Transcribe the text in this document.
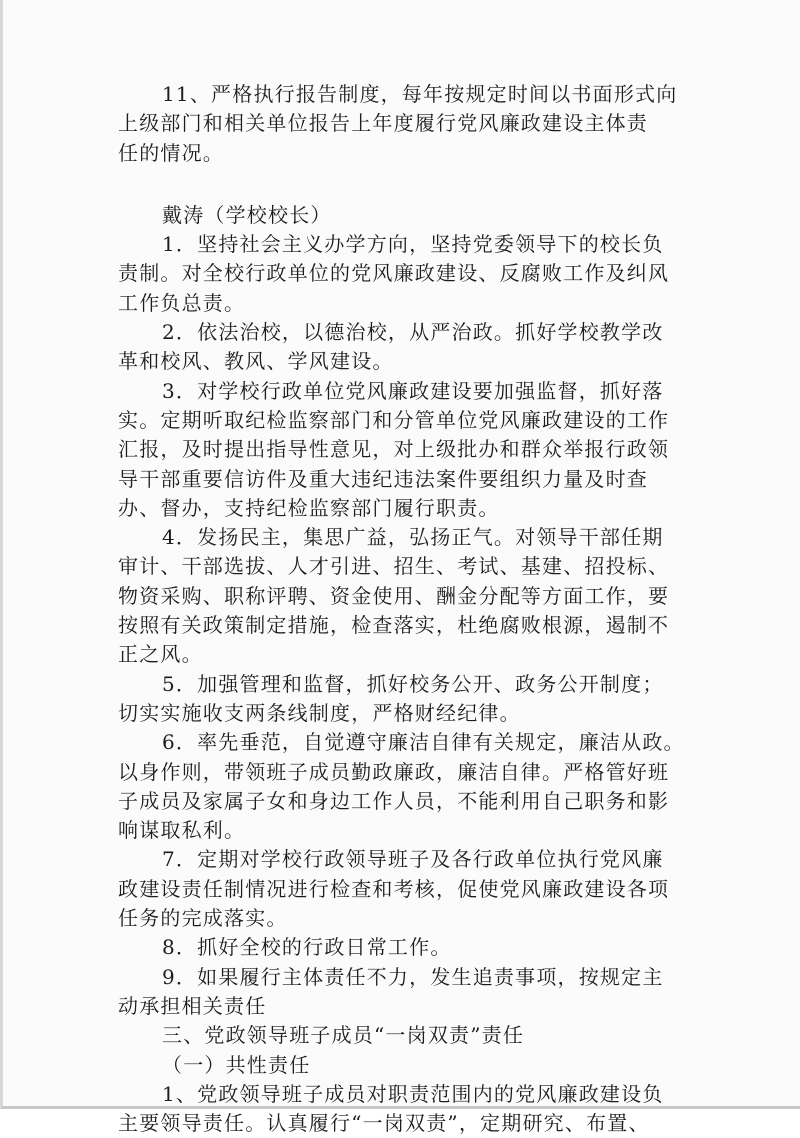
11、严格执行报告制度，每年按规定时间以书面形式向
上级部门和相关单位报告上年度履行党风廉政建设主体责
任的情况。
戴涛（学校校长）
1．坚持社会主义办学方向，坚持党委领导下的校长负
责制。对全校行政单位的党风廉政建设、反腐败工作及纠风
工作负总责。
2．依法治校，以德治校，从严治政。抓好学校教学改
革和校风、教风、学风建设。
3．对学校行政单位党风廉政建设要加强监督，抓好落
实。定期听取纪检监察部门和分管单位党风廉政建设的工作
汇报，及时提出指导性意见，对上级批办和群众举报行政领
导干部重要信访件及重大违纪违法案件要组织力量及时查
办、督办，支持纪检监察部门履行职责。
4．发扬民主，集思广益，弘扬正气。对领导干部任期
审计、干部选拔、人才引进、招生、考试、基建、招投标、
物资采购、职称评聘、资金使用、酬金分配等方面工作，要
按照有关政策制定措施，检查落实，杜绝腐败根源，遏制不
正之风。
5．加强管理和监督，抓好校务公开、政务公开制度；
切实实施收支两条线制度，严格财经纪律。
6．率先垂范，自觉遵守廉洁自律有关规定，廉洁从政。
以身作则，带领班子成员勤政廉政，廉洁自律。严格管好班
子成员及家属子女和身边工作人员，不能利用自己职务和影
响谋取私利。
7．定期对学校行政领导班子及各行政单位执行党风廉
政建设责任制情况进行检查和考核，促使党风廉政建设各项
任务的完成落实。
8．抓好全校的行政日常工作。
9．如果履行主体责任不力，发生追责事项，按规定主
动承担相关责任
三、党政领导班子成员“一岗双责”责任
（一）共性责任
1、党政领导班子成员对职责范围内的党风廉政建设负
主要领导责任。认真履行“一岗双责”，定期研究、布置、
